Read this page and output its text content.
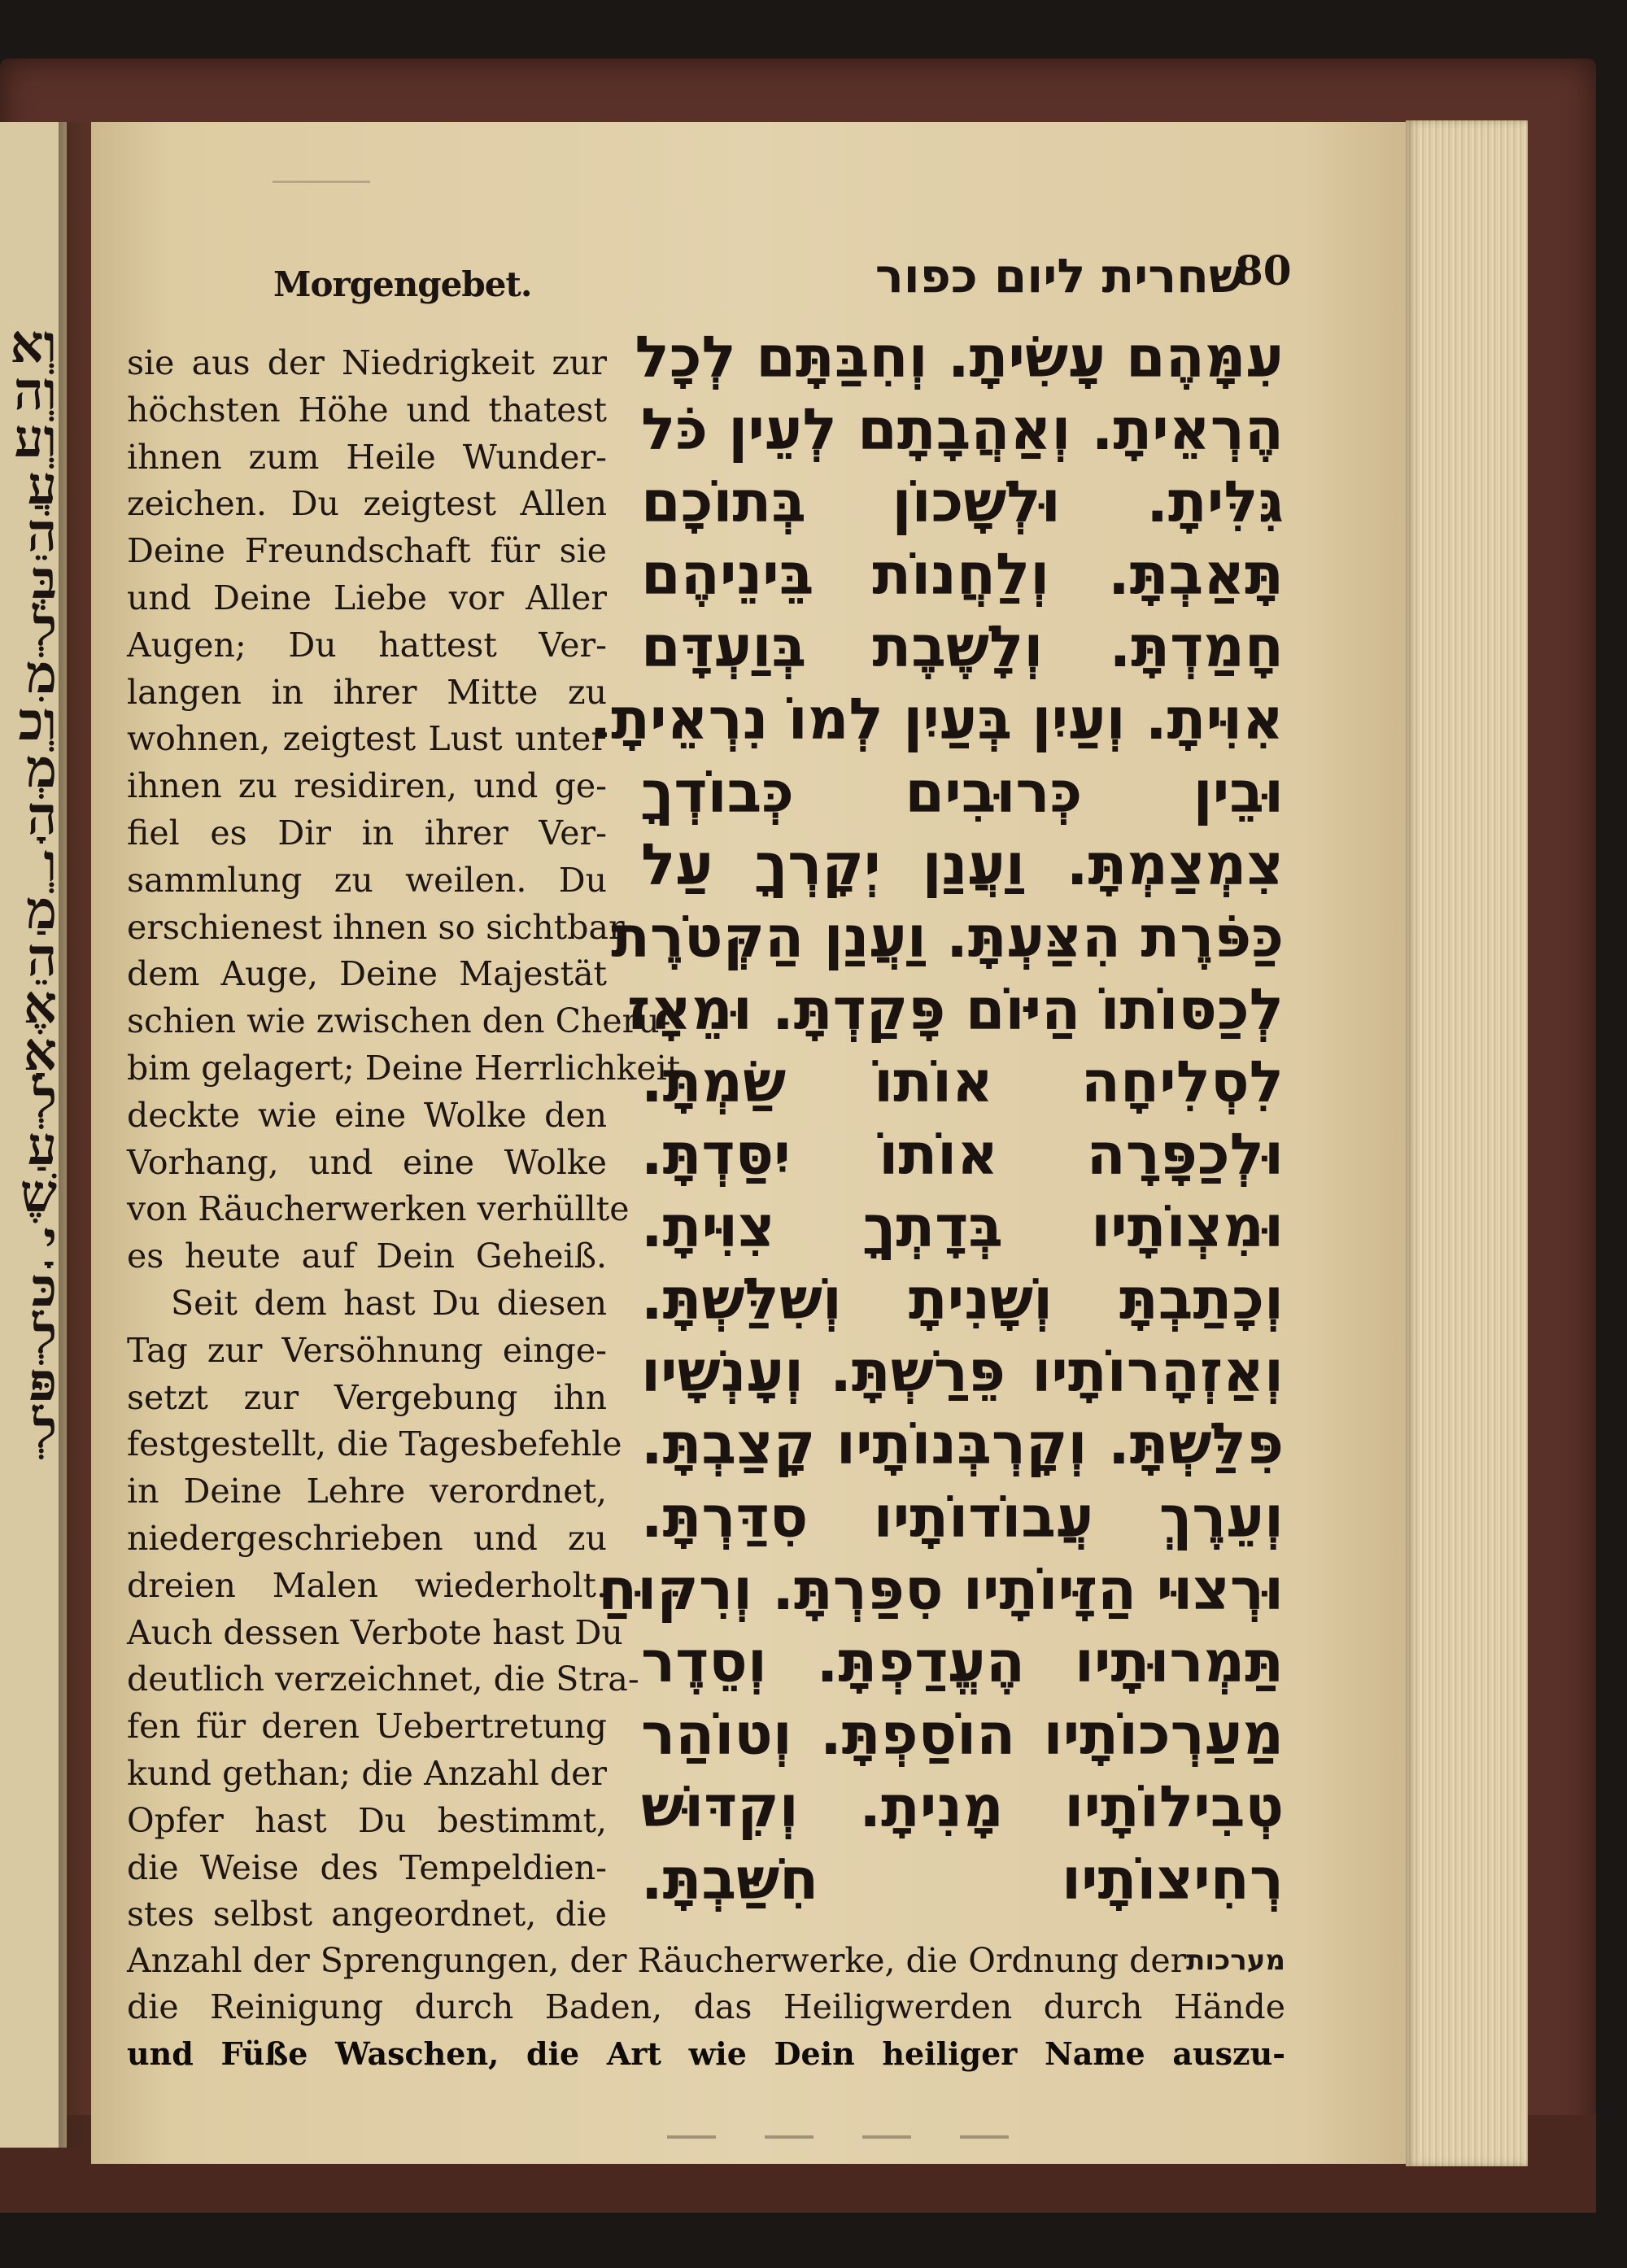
וְא
וְה
וְע
עֲ
הֵ
בְּ
לְ
מִ
וְכ
מְ
הָ
וְ
מַ
הֵ
אֶ
אָ
לְ
עַ
שֶׁ
יָ
כִּ
לְ
פִּ
לְ
Morgengebet.	שחרית ליום כפור
80
sie aus der Niedrigkeit zur
höchsten Höhe und thatest
ihnen zum Heile Wunder-
zeichen. Du zeigtest Allen
Deine Freundschaft für sie
und Deine Liebe vor Aller
Augen; Du hattest Ver-
langen in ihrer Mitte zu
wohnen, zeigtest Lust unter
ihnen zu residiren, und ge-
fiel es Dir in ihrer Ver-
sammlung zu weilen. Du
erschienest ihnen so sichtbar
dem Auge, Deine Majestät
schien wie zwischen den Cheru-
bim gelagert; Deine Herrlichkeit
deckte wie eine Wolke den
Vorhang, und eine Wolke
von Räucherwerken verhüllte
es heute auf Dein Geheiß.
Seit dem hast Du diesen
Tag zur Versöhnung einge-
setzt zur Vergebung ihn
festgestellt, die Tagesbefehle
in Deine Lehre verordnet,
niedergeschrieben und zu
dreien Malen wiederholt.
Auch dessen Verbote hast Du
deutlich verzeichnet, die Stra-
fen für deren Uebertretung
kund gethan; die Anzahl der
Opfer hast Du bestimmt,
die Weise des Tempeldien-
stes selbst angeordnet, die
עִמָּהֶם עָשִׂיתָ. וְחִבַּתָּם לְכָל
הֶרְאֵיתָ. וְאַהֲבָתָם לְעֵין כֹּל
גִּלִּיתָ. וּלְשָׁכוֹן בְּתוֹכָם
תָּאַבְתָּ. וְלַחֲנוֹת בֵּינֵיהֶם
חָמַדְתָּ. וְלָשֶׁבֶת בְּוַעְדָּם
אִוִּיתָ. וְעַיִן בְּעַיִן לְמוֹ נִרְאֵיתָ.
וּבֵין כְּרוּבִים כְּבוֹדְךָ
צִמְצַמְתָּ. וַעֲנַן יְקָרְךָ עַל
כַּפֹּרֶת הִצַּעְתָּ. וַעֲנַן הַקְּטֹרֶת
לְכַסּוֹתוֹ הַיּוֹם פָּקַדְתָּ. וּמֵאָז
לִסְלִיחָה אוֹתוֹ שַׂמְתָּ.
וּלְכַפָּרָה אוֹתוֹ יִסַּדְתָּ.
וּמִצְוֹתָיו בְּדָתְךָ צִוִּיתָ.
וְכָתַבְתָּ וְשָׁנִיתָ וְשִׁלַּשְׁתָּ.
וְאַזְהָרוֹתָיו פֵּרַשְׁתָּ. וְעָנְשָׁיו
פִּלַּשְׁתָּ. וְקָרְבְּנוֹתָיו קָצַבְתָּ.
וְעֵרֶךְ עֲבוֹדוֹתָיו סִדַּרְתָּ.
וּרְצוּי הַזָּיוֹתָיו סִפַּרְתָּ. וְרִקּוּחַ
תַּמְרוּתָיו הֶעֱדַפְתָּ. וְסֵדֶר
מַעַרְכוֹתָיו הוֹסַפְתָּ. וְטוֹהַר
טְבִילוֹתָיו מָנִיתָ. וְקִדּוּשׁ
רְחִיצוֹתָיו חִשַּׁבְתָּ.
Anzahl der Sprengungen, der Räucherwerke, die Ordnung der
die Reinigung durch Baden, das Heiligwerden durch Hände
und Füße Waschen, die Art wie Dein heiliger Name auszu-
מערכות
